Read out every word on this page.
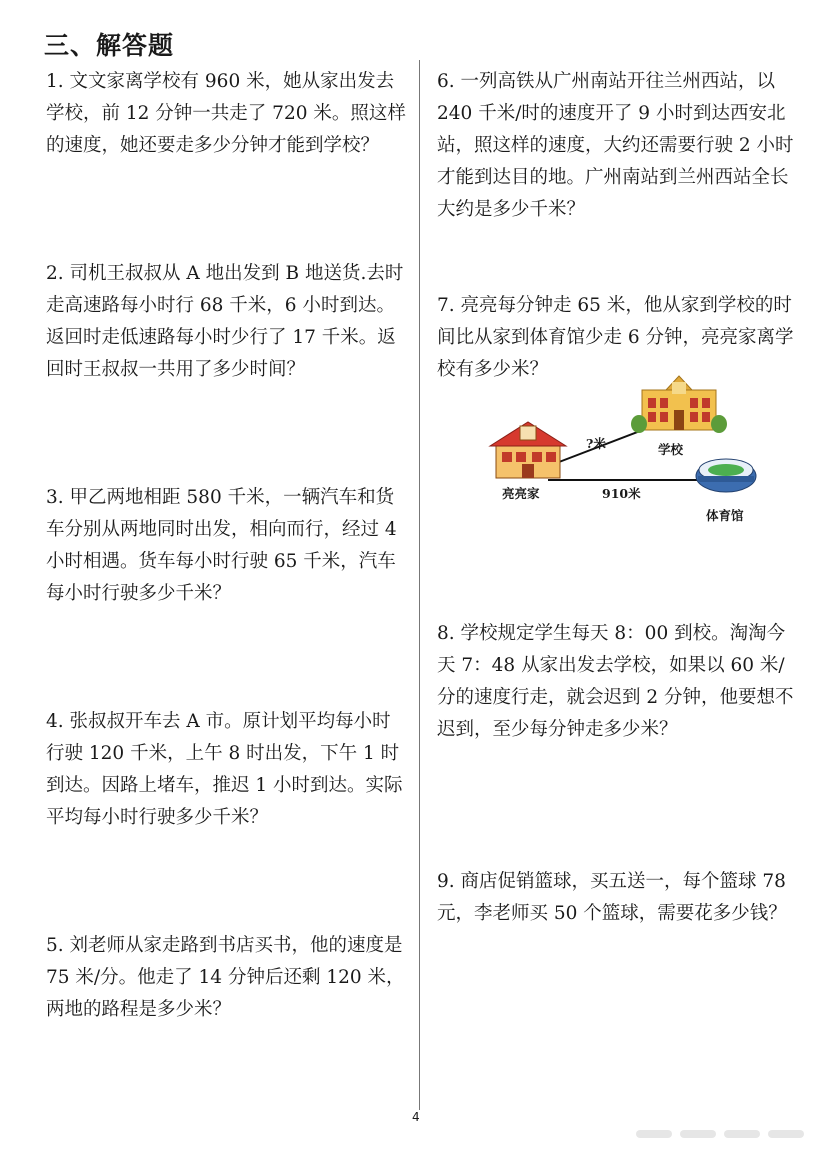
三、解答题
1. 文文家离学校有 960 米，她从家出发去学校，前 12 分钟一共走了 720 米。照这样的速度，她还要走多少分钟才能到学校？
2. 司机王叔叔从 A 地出发到 B 地送货.去时走高速路每小时行 68 千米，6 小时到达。返回时走低速路每小时少行了 17 千米。返回时王叔叔一共用了多少时间？
3. 甲乙两地相距 580 千米，一辆汽车和货车分别从两地同时出发，相向而行，经过 4 小时相遇。货车每小时行驶 65 千米，汽车每小时行驶多少千米？
4. 张叔叔开车去 A 市。原计划平均每小时行驶 120 千米，上午 8 时出发，下午 1 时到达。因路上堵车，推迟 1 小时到达。实际平均每小时行驶多少千米？
5. 刘老师从家走路到书店买书，他的速度是 75 米/分。他走了 14 分钟后还剩 120 米，两地的路程是多少米？
6. 一列高铁从广州南站开往兰州西站，以 240 千米/时的速度开了 9 小时到达西安北站，照这样的速度，大约还需要行驶 2 小时才能到达目的地。广州南站到兰州西站全长大约是多少千米？
7. 亮亮每分钟走 65 米，他从家到学校的时间比从家到体育馆少走 6 分钟，亮亮家离学校有多少米？
8. 学校规定学生每天 8：00 到校。淘淘今天 7：48 从家出发去学校，如果以 60 米/分的速度行走，就会迟到 2 分钟，他要想不迟到，至少每分钟走多少米？
9. 商店促销篮球，买五送一，每个篮球 78 元，李老师买 50 个篮球，需要花多少钱？
?米	学校
亮亮家	910米
体育馆
4
